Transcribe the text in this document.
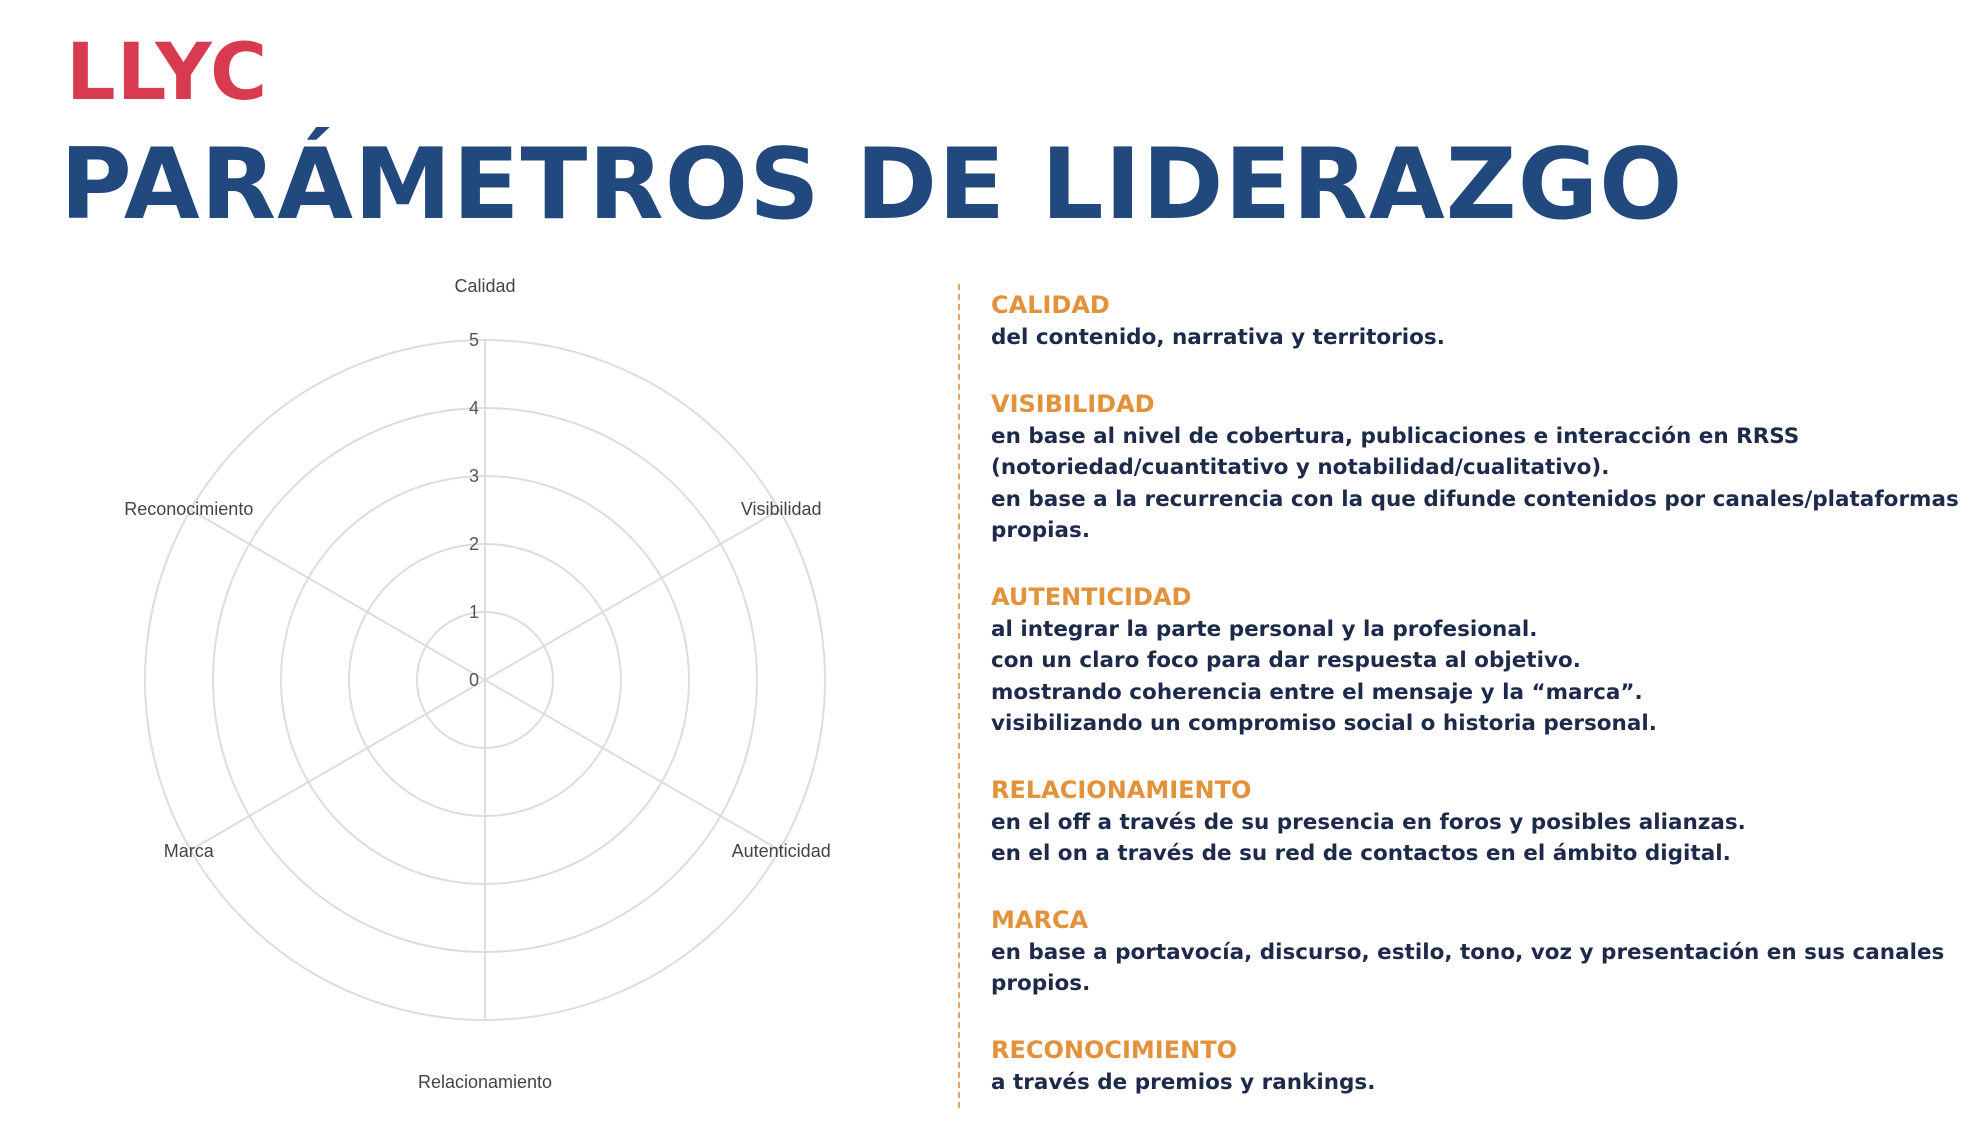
LLYC
PARÁMETROS DE LIDERAZGO
0
1
2
3
4
5
Calidad
Visibilidad
Autenticidad
Relacionamiento
Marca
Reconocimiento
CALIDAD
del contenido, narrativa y territorios.
VISIBILIDAD
en base al nivel de cobertura, publicaciones e interacción en RRSS
(notoriedad/cuantitativo y notabilidad/cualitativo).
en base a la recurrencia con la que difunde contenidos por canales/plataformas
propias.
AUTENTICIDAD
al integrar la parte personal y la profesional.
con un claro foco para dar respuesta al objetivo.
mostrando coherencia entre el mensaje y la “marca”.
visibilizando un compromiso social o historia personal.
RELACIONAMIENTO
en el off a través de su presencia en foros y posibles alianzas.
en el on a través de su red de contactos en el ámbito digital.
MARCA
en base a portavocía, discurso, estilo, tono, voz y presentación en sus canales
propios.
RECONOCIMIENTO
a través de premios y rankings.
